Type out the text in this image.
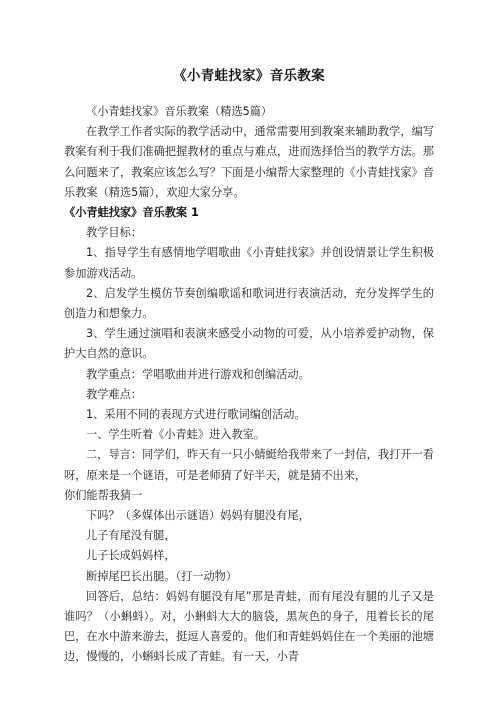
《小青蛙找家》音乐教案

《小青蛙找家》音乐教案（精选5篇）

在教学工作者实际的教学活动中，通常需要用到教案来辅助教学，编写教案有利于我们准确把握教材的重点与难点，进而选择恰当的教学方法。那么问题来了，教案应该怎么写？下面是小编帮大家整理的《小青蛙找家》音乐教案（精选5篇），欢迎大家分享。

《小青蛙找家》音乐教案 1

教学目标：

1、指导学生有感情地学唱歌曲《小青蛙找家》并创设情景让学生积极参加游戏活动。

2、启发学生模仿节奏创编歌谣和歌词进行表演活动，充分发挥学生的创造力和想象力。

3、学生通过演唱和表演来感受小动物的可爱，从小培养爱护动物，保护大自然的意识。

教学重点：学唱歌曲并进行游戏和创编活动。

教学难点：

1、采用不同的表现方式进行歌词编创活动。

一、学生听着《小青蛙》进入教室。

二，导言：同学们，昨天有一只小蜻蜓给我带来了一封信，我打开一看呀，原来是一个谜语，可是老师猜了好半天，就是猜不出来，

你们能帮我猜一

下吗？（多媒体出示谜语）妈妈有腿没有尾，

儿子有尾没有腿，

儿子长成妈妈样，

断掉尾巴长出腿。（打一动物）

回答后，总结：妈妈有腿没有尾”那是青蛙，而有尾没有腿的儿子又是谁吗？（小蝌蚪）。对，小蝌蚪大大的脑袋，黑灰色的身子，甩着长长的尾巴，在水中游来游去，挺逗人喜爱的。他们和青蛙妈妈住在一个美丽的池塘边，慢慢的，小蝌蚪长成了青蛙。有一天，小青
